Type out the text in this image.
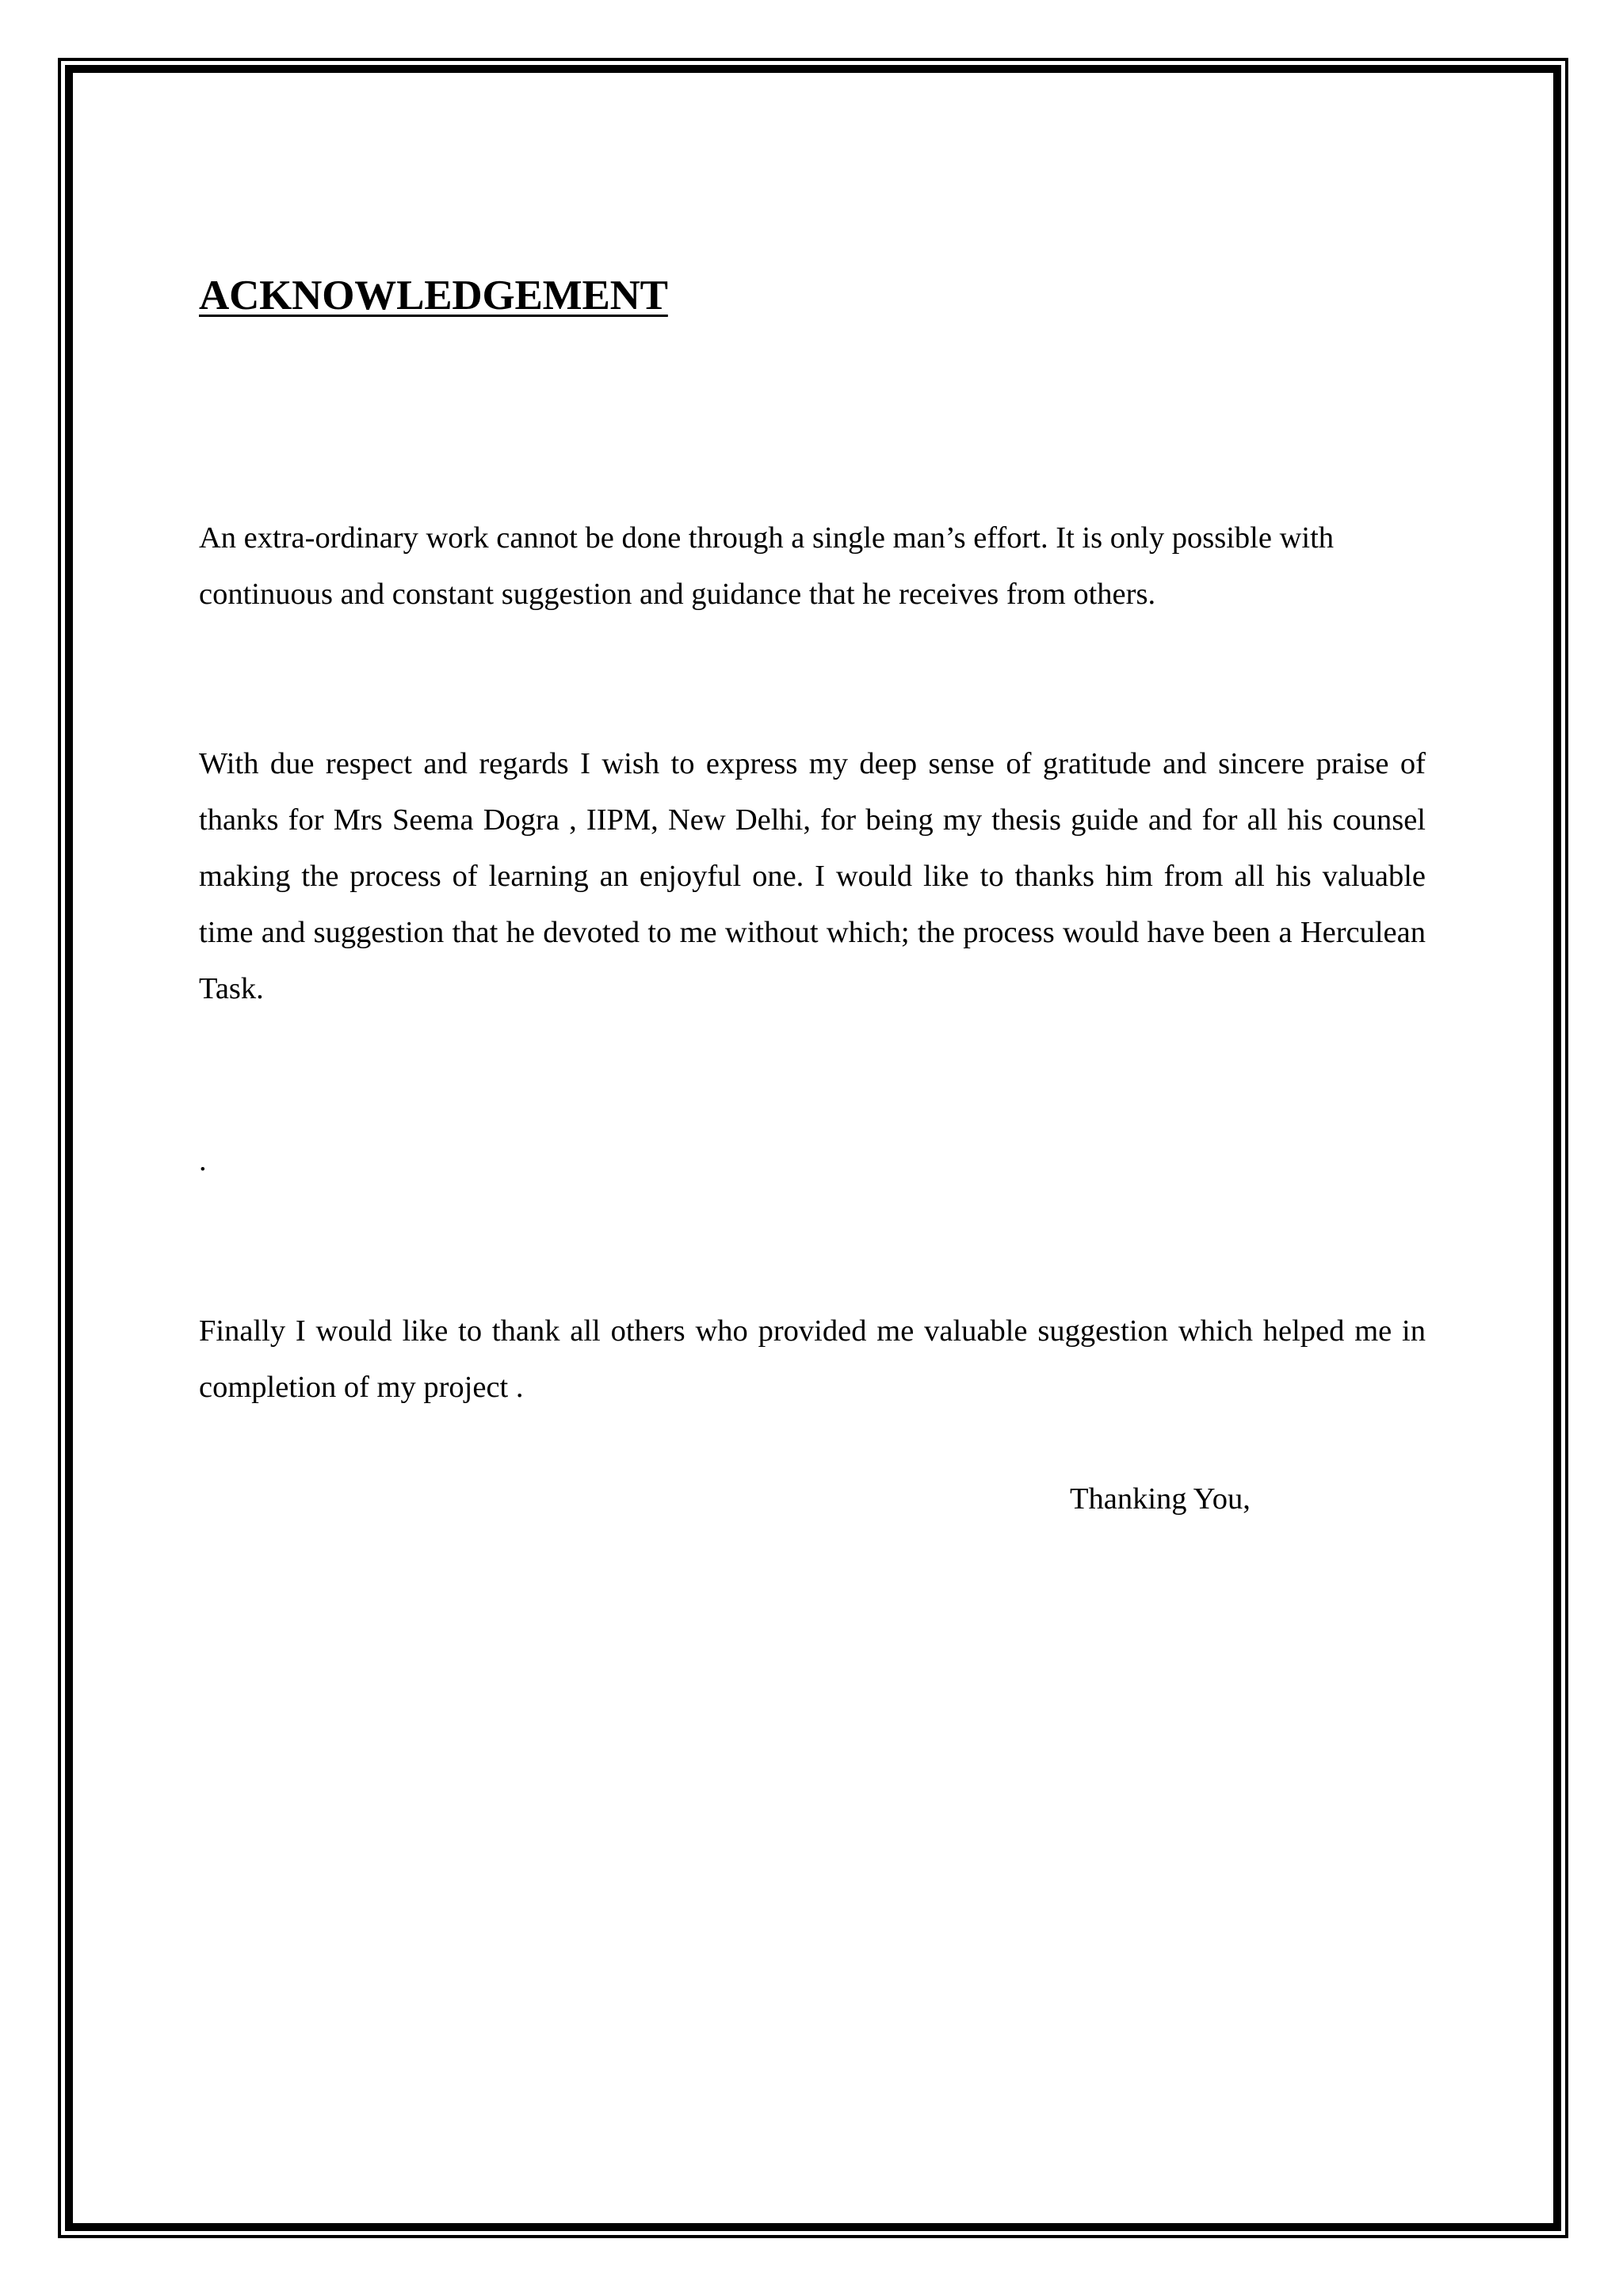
ACKNOWLEDGEMENT

An extra-ordinary work cannot be done through a single man’s effort. It is only possible with continuous and constant suggestion and guidance that he receives from others.

With due respect and regards I wish to express my deep sense of gratitude and sincere praise of thanks for Mrs Seema Dogra , IIPM, New Delhi, for being my thesis guide and for all his counsel making the process of learning an enjoyful one. I would like to thanks him from all his valuable time and suggestion that he devoted to me without which; the process would have been a Herculean Task.

.

Finally I would like to thank all others who provided me valuable suggestion which helped me in completion of my project .

Thanking You,
